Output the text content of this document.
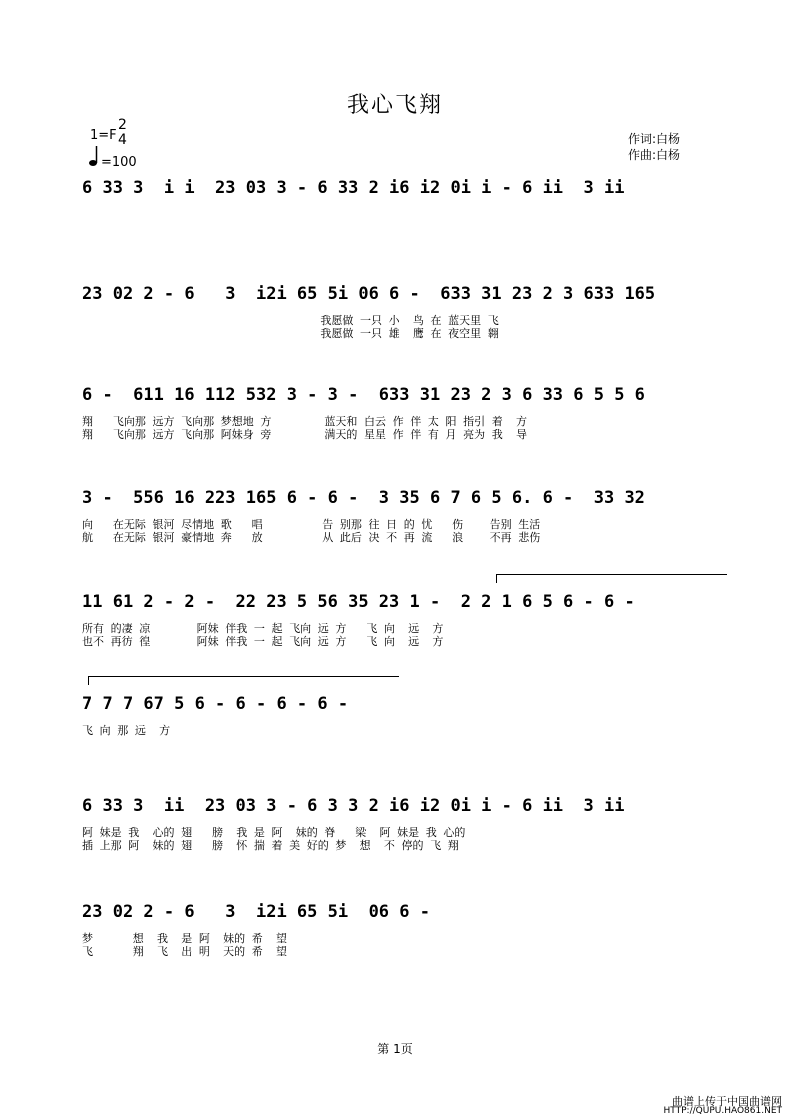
我心飞翔
1=F
2
4
=100
作词:白杨
作曲:白杨
6 33 3  i i  23 03 3 - 6 33 2 i6 i2 0i i - 6 ii  3 ii
23 02 2 - 6   3  i2i 65 5i 06 6 -  633 31 23 2 3 633 165
我愿做 一只 小  鸟 在 蓝天里 飞
我愿做 一只 雄  鹰 在 夜空里 翱
6 -  611 16 112 532 3 - 3 -  633 31 23 2 3 6 33 6 5 5 6
翔   飞向那 远方 飞向那 梦想地 方        蓝天和 白云 作 伴 太 阳 指引 着  方
翔   飞向那 远方 飞向那 阿妹身 旁        满天的 星星 作 伴 有 月 亮为 我  导
3 -  556 16 223 165 6 - 6 -  3 35 6 7 6 5 6. 6 -  33 32
向   在无际 银河 尽情地 歌   唱         告 别那 往 日 的 忧   伤    告别 生活
航   在无际 银河 豪情地 奔   放         从 此后 决 不 再 流   浪    不再 悲伤
11 61 2 - 2 -  22 23 5 56 35 23 1 -  2 2 1 6 5 6 - 6 -
所有 的凄 凉       阿妹 伴我 一 起 飞向 远 方   飞 向  远  方
也不 再彷 徨       阿妹 伴我 一 起 飞向 远 方   飞 向  远  方
7 7 7 67 5 6 - 6 - 6 - 6 -
飞 向 那 远  方
6 33 3  ii  23 03 3 - 6 3 3 2 i6 i2 0i i - 6 ii  3 ii
阿 妹是 我  心的 翅   膀  我 是 阿  妹的 脊   梁  阿 妹是 我 心的
插 上那 阿  妹的 翅   膀  怀 揣 着 美 好的 梦  想  不 停的 飞 翔
23 02 2 - 6   3  i2i 65 5i  06 6 -
梦      想  我  是 阿  妹的 希  望
飞      翔  飞  出 明  天的 希  望
第 1页
曲谱上传于中国曲谱网
HTTP://QUPU.HAO861.NET
